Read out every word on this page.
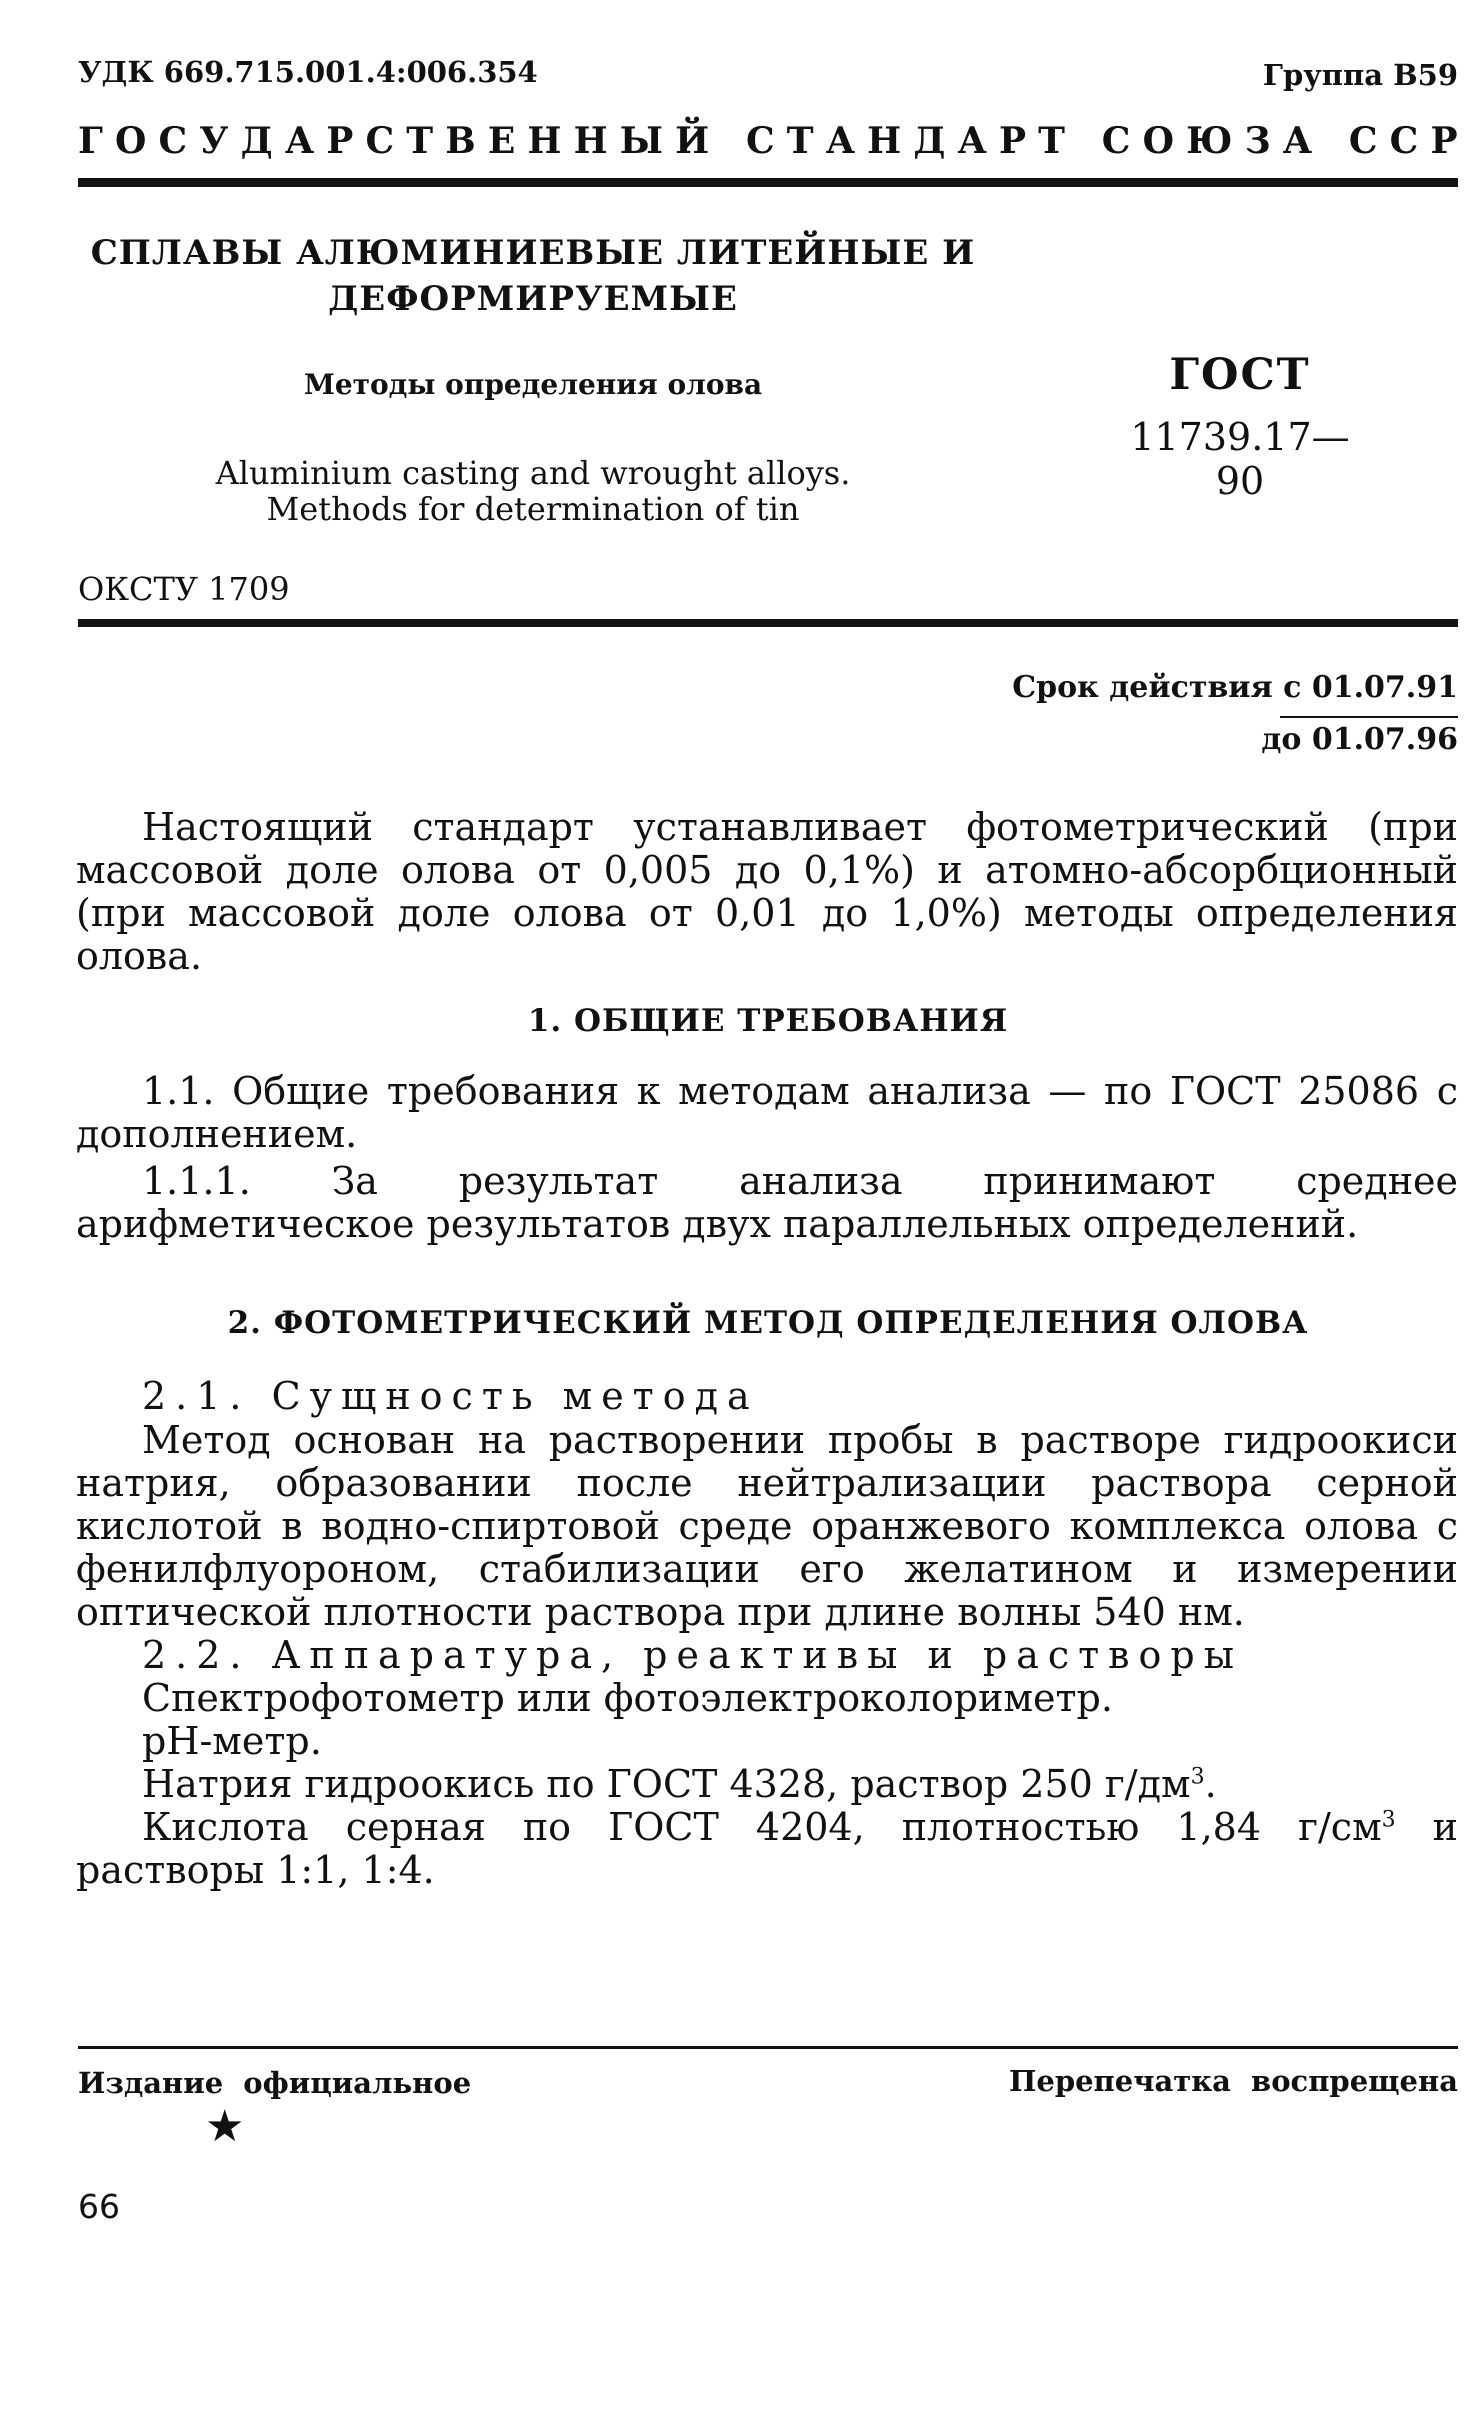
УДК 669.715.001.4:006.354	Группа В59
Г О С У Д А Р С Т В Е Н Н Ы Й
С Т А Н Д А Р Т
С О Ю З А
С С Р
СПЛАВЫ АЛЮМИНИЕВЫЕ ЛИТЕЙНЫЕ И
ДЕФОРМИРУЕМЫЕ
Методы определения олова
Aluminium casting and wrought alloys.
Methods for determination of tin
ГОСТ
11739.17—90
ОКСТУ 1709
Срок действия с 01.07.91
до 01.07.96
Настоящий стандарт устанавливает фотометрический (при массовой доле олова от 0,005 до 0,1%) и атомно-абсорбционный (при массовой доле олова от 0,01 до 1,0%) методы определения олова.
1. ОБЩИЕ ТРЕБОВАНИЯ
1.1. Общие требования к методам анализа — по ГОСТ 25086 с дополнением.
1.1.1. За результат анализа принимают среднее арифметическое результатов двух параллельных определений.
2. ФОТОМЕТРИЧЕСКИЙ МЕТОД ОПРЕДЕЛЕНИЯ ОЛОВА
2.1. Сущность метода
Метод основан на растворении пробы в растворе гидроокиси натрия, образовании после нейтрализации раствора серной кислотой в водно-спиртовой среде оранжевого комплекса олова с фенилфлуороном, стабилизации его желатином и измерении оптической плотности раствора при длине волны 540 нм.
2.2. Аппаратура, реактивы и растворы
Спектрофотометр или фотоэлектроколориметр.
рН-метр.
Натрия гидроокись по ГОСТ 4328, раствор 250 $г/дм^3$.
Кислота серная по ГОСТ 4204, плотностью 1,84 $г/см^3$ и растворы 1:1, 1:4.
Издание официальное	Перепечатка воспрещена
★
66
